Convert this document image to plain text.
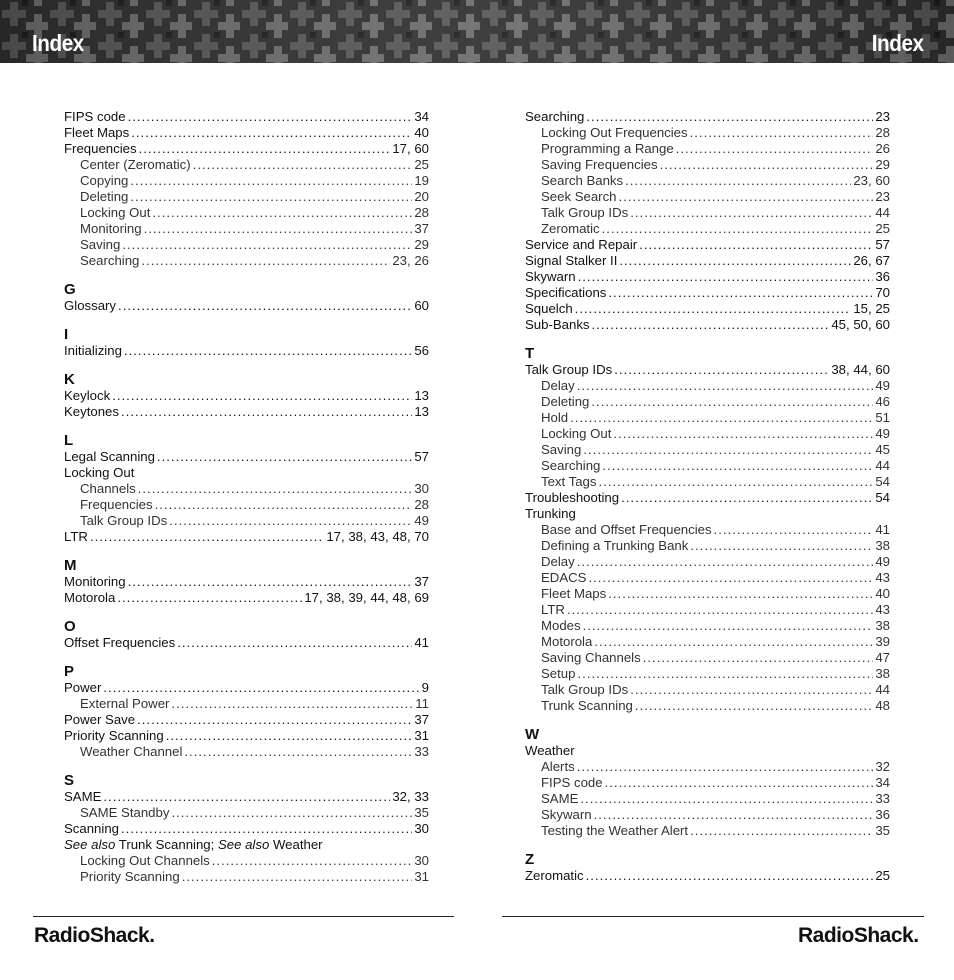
Index	Index
FIPS code .....	34
Fleet Maps .....	40
Frequencies .....	17, 60
Center (Zeromatic) .....	25
Copying .....	19
Deleting .....	20
Locking Out .....	28
Monitoring .....	37
Saving .....	29
Searching .....	23, 26
G
Glossary .....	60
I
Initializing .....	56
K
Keylock .....	13
Keytones .....	13
L
Legal Scanning .....	57
Locking Out
Channels .....	30
Frequencies .....	28
Talk Group IDs .....	49
LTR .....	17, 38, 43, 48, 70
M
Monitoring .....	37
Motorola .....	17, 38, 39, 44, 48, 69
O
Offset Frequencies .....	41
P
Power .....	9
External Power .....	11
Power Save .....	37
Priority Scanning .....	31
Weather Channel .....	33
S
SAME .....	32, 33
SAME Standby .....	35
Scanning .....	30
See also Trunk Scanning; See also Weather
Locking Out Channels .....	30
Priority Scanning .....	31
Searching .....	23
Locking Out Frequencies .....	28
Programming a Range .....	26
Saving Frequencies .....	29
Search Banks .....	23, 60
Seek Search .....	23
Talk Group IDs .....	44
Zeromatic .....	25
Service and Repair .....	57
Signal Stalker II .....	26, 67
Skywarn .....	36
Specifications .....	70
Squelch .....	15, 25
Sub-Banks .....	45, 50, 60
T
Talk Group IDs .....	38, 44, 60
Delay .....	49
Deleting .....	46
Hold .....	51
Locking Out .....	49
Saving .....	45
Searching .....	44
Text Tags .....	54
Troubleshooting .....	54
Trunking
Base and Offset Frequencies .....	41
Defining a Trunking Bank .....	38
Delay .....	49
EDACS .....	43
Fleet Maps .....	40
LTR .....	43
Modes .....	38
Motorola .....	39
Saving Channels .....	47
Setup .....	38
Talk Group IDs .....	44
Trunk Scanning .....	48
W
Weather
Alerts .....	32
FIPS code .....	34
SAME .....	33
Skywarn .....	36
Testing the Weather Alert .....	35
Z
Zeromatic .....	25
RadioShack.	RadioShack.
